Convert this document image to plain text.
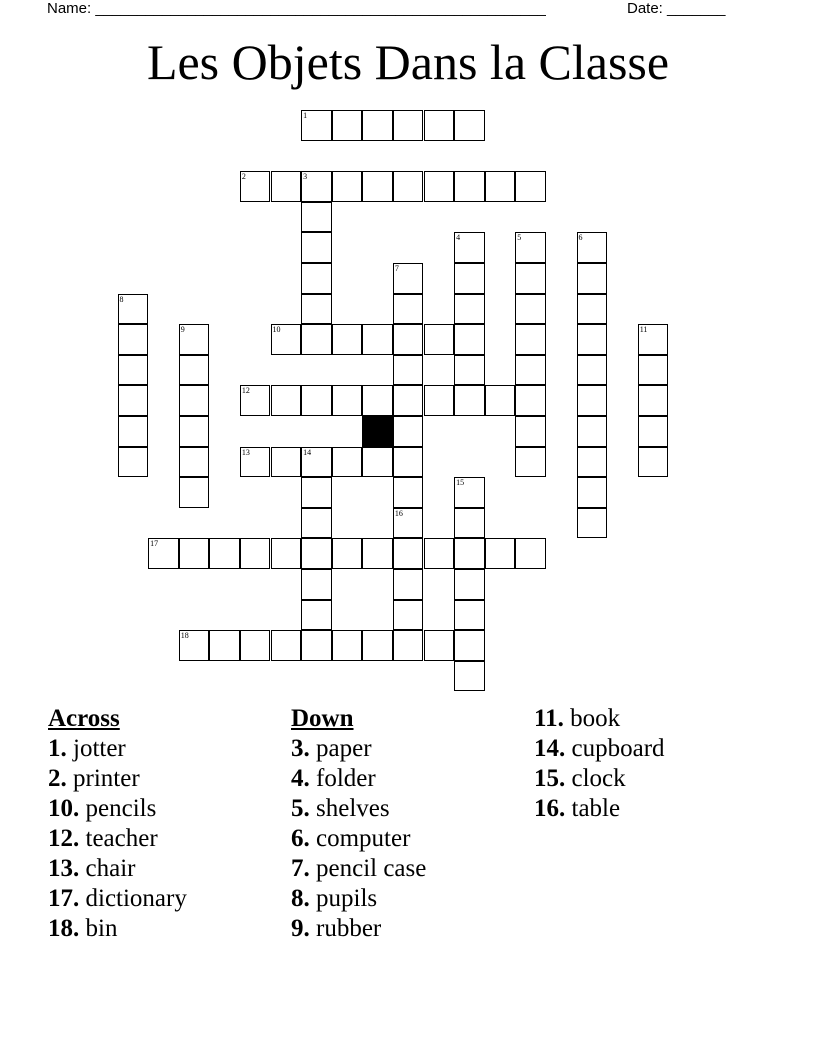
Name: ______________________________________________________	Date: _______
Les Objets Dans la Classe
1
2	3
4	5	6
7
16
8
9	10	11
12
13	14
15
17
18
Across
1. jotter
2. printer
10. pencils
12. teacher
13. chair
17. dictionary
18. bin
Down
3. paper
4. folder
5. shelves
6. computer
7. pencil case
8. pupils
9. rubber
11. book
14. cupboard
15. clock
16. table
